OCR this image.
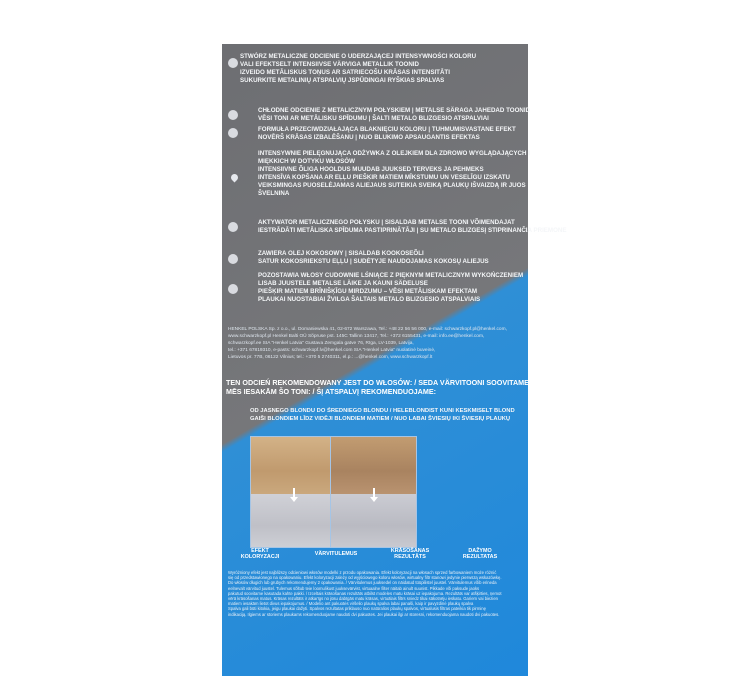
STWÓRZ METALICZNE ODCIENIE O UDERZAJĄCEJ INTENSYWNOŚCI KOLORU
VALI EFEKTSELT INTENSIIVSE VÄRVIGA METALLIK TOONID
IZVEIDO METĀLISKUS TOŅUS AR SATRIECOŠU KRĀSAS INTENSITĀTI
SUKURKITE METALINIŲ ATSPALVIŲ JSPŪDINGAI RYŠKIAS SPALVAS
CHŁODNE ODCIENIE Z METALICZNYM POŁYSKIEM | METALSE SÄRAGA JAHEDAD TOONID
VĒSI TONI AR METĀLISKU SPĪDUMU | ŠALTI METALO BLIZGESIO ATSPALVIAI
FORMUŁA PRZECIWDZIAŁAJĄCA BLAKNIĘCIU KOLORU | TUHMUMISVASTANE EFEKT
NOVĒRŠ KRĀSAS IZBALĒŠANU | NUO BLUKIMO APSAUGANTIS EFEKTAS
INTENSYWNIE PIELĘGNUJĄCA ODŻYWKA Z OLEJKIEM DLA ZDROWO WYGLĄDAJĄCYCH I
MIĘKKICH W DOTYKU WŁOSÓW
INTENSIIVNE ÕLIGA HOOLDUS MUUDAB JUUKSED TERVEKS JA PEHMEKS
INTENSĪVA KOPŠANA AR EĻĻU PIEŠĶIR MATIEM MĪKSTUMU UN VESELĪGU IZSKATU
VEIKSMINGAS PUOSELĖJAMAS ALIEJAUS SUTEIKIA SVEIKĄ PLAUKŲ IŠVAIZDĄ IR JUOS
ŠVELNINA
AKTYWATOR METALICZNEGO POŁYSKU | SISALDAB METALSE TOONI VÕIMENDAJAT
IESTRĀDĀTI METĀLISKA SPĪDUMA PASTIPRINĀTĀJI | SU METALO BLIZGESĮ STIPRINANČIA PRIEMONE
ZAWIERA OLEJ KOKOSOWY | SISALDAB KOOKOSEÕLI
SATUR KOKOSRIEKSTU EĻĻU | SUDĖTYJE NAUDOJAMAS KOKOSŲ ALIEJUS
POZOSTAWIA WŁOSY CUDOWNIE LŚNIĄCE Z PIĘKNYM METALICZNYM WYKOŃCZENIEM
LISAB JUUSTELE METALSE LÄIKE JA KAUNI SÄDELUSE
PIEŠĶIR MATIEM BRĪNIŠĶĪGU MIRDZUMU – VĒSI METĀLISKAM EFEKTAM
PLAUKAI NUOSTABIAI ŽVILGA ŠALTAIS METALO BLIZGESIO ATSPALVIAIS
HENKEL POLSKA Sp. z o.o., ul. Domaniewska 41, 02-672 Warszawa, Tel.: +48 22 56 56 000, e-mail: schwarzkopf.pl@henkel.com,
www.schwarzkopf.pl Henkel Balti OÜ Sõpruse pst. 145C Tallinn 13417, Tel.: +372 6155431, e-mail: info.ee@henkel.com,
schwarzkopf.ee SIA "Henkel Latvia" Gustava Zemgala gatve 76, Rīga, LV-1039, Latvija,
tel.: +371 67819310, e-pasts: schwarzkopf.lv@henkel.com SIA "Henkel Latvia" nuolatinė buveinė,
Lietuvos pr. 77B, 06122 Vilnius; tel.: +370 5 2740311, el.p.: ...@henkel.com, www.schwarzkopf.lt
TEN ODCIEŃ REKOMENDOWANY JEST DO WŁOSÓW: / SEDA VÄRVITOONI SOOVITAME:
MĒS IESAKĀM ŠO TONI: / ŠĮ ATSPALVĮ REKOMENDUOJAME:
OD JASNEGO BLONDU DO ŚREDNIEGO BLONDU / HELEBLONDIST KUNI KESKMISELT BLOND
GAIŠI BLONDIEM LĪDZ VIDĒJI BLONDIEM MATIEM / NUO LABAI ŠVIESIŲ IKI ŠVIESIŲ PLAUKŲ
EFEKT
KOLORYZACJI
VÄRVITULEMUS	KRĀSOŠANAS
REZULTĀTS
DAŽYMO
REZULTATAS
Wyróżniony efekt jest najbliższy odcieniowi włosów modelki z przodu opakowania. Efekt koloryzacji na włosach sprzed farbowaniem może różnić
się od przedstawionego na opakowaniu. Efekt koloryzacji zależy od wyjściowego koloru włosów, wirtualny filtr stanowi jedynie pierwszą wskazówkę.
Do włosów długich lub grubych rekomendujemy 2 opakowania. / Värvitulemus juuksedel on näidatud tüüpilistel juustel. Värvitulemus võib erineda
eelnevalt värvitud juustel. Tulemus sõltub teie loomulikust juuksevärvist, virtuaalne filter näitab ainult suunist. Pikkade või paksude jaoks
pakutud soovitame kasutada kahte pakki. / Izceltais krāsošanas rezultāts atbilst modeles matu krāsai uz iepakojuma. Rezultāts var atšķirties, ņemot
vērā krāsošanas matus. Krāsas rezultāts ir atkarīgs no jūsu dabīgās matu krāsas, virtuālais filtrs sniedz tikai sākotnēju ieskatu. Gariem vai biezien
matiem iesakām lietot divus iepakojumus. / Modelio ant pakuotės viršelio plaukų spalva labai panaši, kaip ir pavyzdinė plaukų spalva
Spalva gali būti kitokia, jeigu plaukai dažyti. Spalvos rezultatas priklauso nuo natūralios plaukų spalvos, virtualusis filtras pateikia tik pirminę
indikaciją. Ilgiems ar storiems plaukams rekomenduojame naudoti dvi pakuotes. Jei plaukai ilgi ar storesni, rekomenduojama naudoti dvi pakuotes.
